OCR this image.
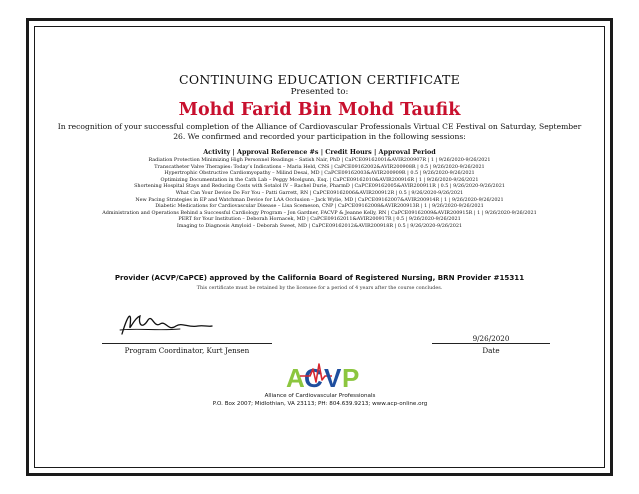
CONTINUING EDUCATION CERTIFICATE
Presented to:
Mohd Farid Bin Mohd Taufik
In recognition of your successful completion of the Alliance of Cardiovascular Professionals Virtual CE Festival on Saturday, September 26. We confirmed and recorded your participation in the following sessions:
Activity | Approval Reference #s | Credit Hours | Approval Period
Radiation Protection Minimizing High Personnel Readings – Satish Nair, PhD | CaPCE09162001&AVIR200907R | 1 | 9/26/2020-9/26/2021
Transcatheter Valve Therapies: Today’s Indications – Maria Held, CNS | CaPCE09162002&AVIR200908R | 0.5 | 9/26/2020-9/26/2021
Hypertrophic Obstructive Cardiomyopathy – Milind Desai, MD | CaPCE09162003&AVIR200909R | 0.5 | 9/26/2020-9/26/2021
Optimizing Documentation in the Cath Lab – Peggy Mcelgunn, Esq. | CaPCE09162010&AVIR200916R | 1 | 9/26/2020-9/26/2021
Shortening Hospital Stays and Reducing Costs with Sotalol IV – Rachel Durie, PharmD | CaPCE09162005&AVIR200911R | 0.5 | 9/26/2020-9/26/2021
What Can Your Device Do For You – Patti Garrett, RN | CaPCE09162006&AVIR200912R | 0.5 | 9/26/2020-9/26/2021
New Pacing Strategies in EP and Watchman Device for LAA Occlusion – Jack Wylie, MD | CaPCE09162007&AVIR200914R | 1 | 9/26/2020-9/26/2021
Diabetic Medications for Cardiovascular Disease – Lisa Scemeson, CNP | CaPCE09162008&AVIR200913R | 1 | 9/26/2020-9/26/2021
Administration and Operations Behind a Successful Cardiology Program – Jon Gardner, FACVP & Jeanne Kelly, RN | CaPCE09162009&AVIR200915R | 1 | 9/26/2020-9/26/2021
PERT for Your Institution – Deborah Hornacek, MD | CaPCE09162011&AVIR200917R | 0.5 | 9/26/2020-9/26/2021
Imaging to Diagnosis Amyloid – Deborah Sweet, MD | CaPCE09162012&AVIR200918R | 0.5 | 9/26/2020-9/26/2021
Provider (ACVP/CaPCE) approved by the California Board of Registered Nursing, BRN Provider #15311
This certificate must be retained by the licensee for a period of 4 years after the course concludes.
Program Coordinator, Kurt Jensen
9/26/2020
Date
A C V P
Alliance of Cardiovascular Professionals
P.O. Box 2007; Midlothian, VA 23113; PH: 804.639.9213; www.acp-online.org
